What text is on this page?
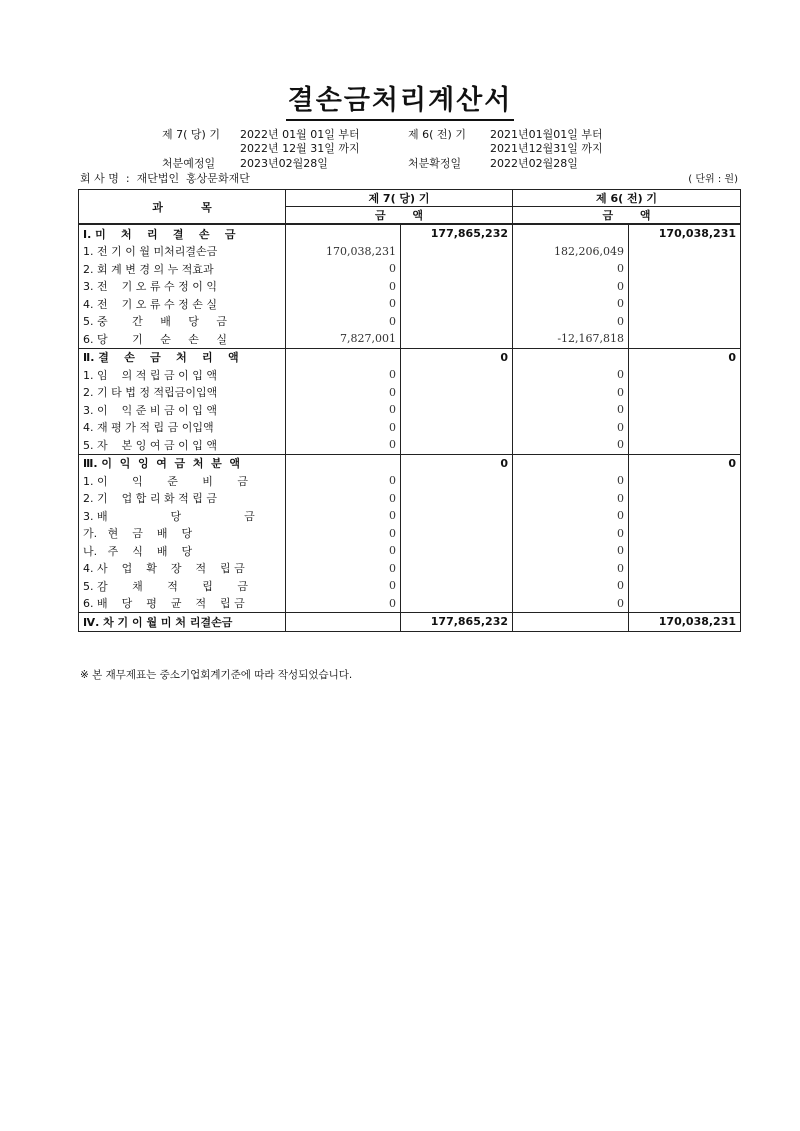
결손금처리계산서
제 7( 당) 기 2022년 01월 01일 부터
2022년 12월 31일 까지
제 6( 전) 기 2021년01월01일 부터
2021년12월31일 까지
처분예정일 2023년02월28일	처분확정일	2022년02월28일
회 사 명  :  재단법인  홍상문화재단	( 단위 : 원)
과          목	제 7( 당) 기		제 6( 전) 기	
	금       액		금       액	
Ⅰ. 미    처    리    결    손    금		177,865,232		170,038,231
1. 전 기 이 월 미처리결손금	170,038,231		182,206,049	
2. 회 계 변 경 의 누 적효과	0		0	
3. 전    기 오 류 수 정 이 익	0		0	
4. 전    기 오 류 수 정 손 실	0		0	
5. 중       간     배     당     금	0		0	
6. 당       기     순     손     실	7,827,001		-12,167,818	
Ⅱ. 결    손    금    처    리    액		0		0
1. 임    의 적 립 금 이 입 액	0		0	
2. 기 타 법 정 적립금이입액	0		0	
3. 이    익 준 비 금 이 입 액	0		0	
4. 재 평 가 적 립 금 이입액	0		0	
5. 자    본 잉 여 금 이 입 액	0		0	
Ⅲ. 이  익  잉  여  금  처  분  액		0		0
1. 이       익       준       비       금	0		0	
2. 기    업 합 리 화 적 립 금	0		0	
3. 배                  당                  금	0		0	
가.   현    금    배    당	0		0	
나.   주    식    배    당	0		0	
4. 사    업    확    장    적    립 금	0		0	
5. 감       채       적       립       금	0		0	
6. 배    당    평    균    적    립 금	0		0	
Ⅳ. 차 기 이 월 미 처 리결손금		177,865,232		170,038,231
※ 본 재무제표는 중소기업회계기준에 따라 작성되었습니다.
